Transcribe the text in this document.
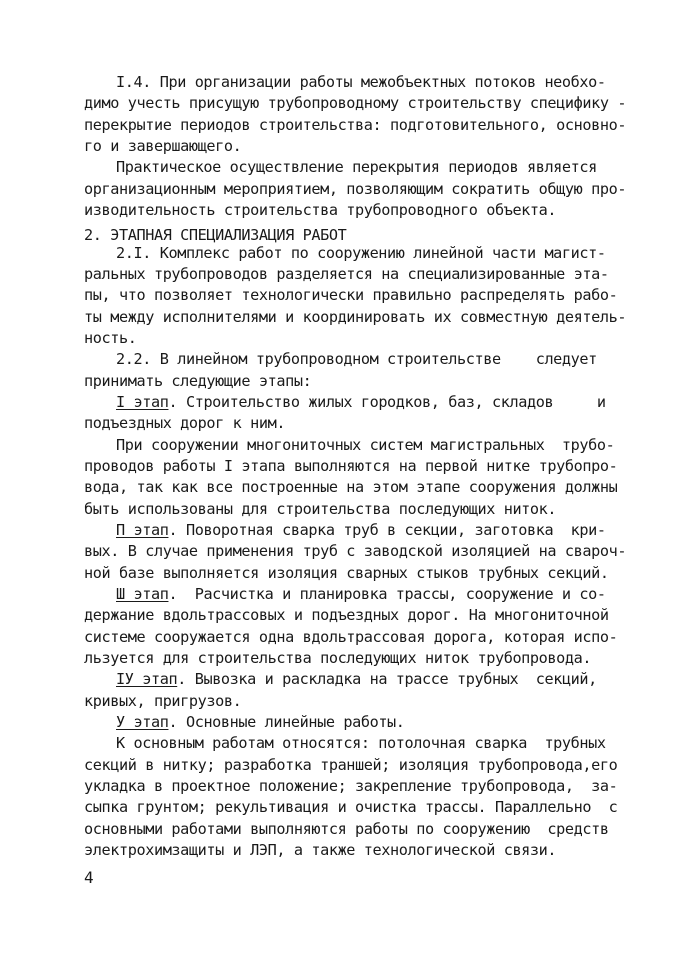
I.4. При организации работы межобъектных потоков необхо-
димо учесть присущую трубопроводному строительству специфику -
перекрытие периодов строительства: подготовительного, основно-
го и завершающего.
Практическое осуществление перекрытия периодов является
организационным мероприятием, позволяющим сократить общую про-
изводительность строительства трубопроводного объекта.
2. ЭТАПНАЯ СПЕЦИАЛИЗАЦИЯ РАБОТ
2.I. Комплекс работ по сооружению линейной части магист-
ральных трубопроводов разделяется на специализированные эта-
пы, что позволяет технологически правильно распределять рабо-
ты между исполнителями и координировать их совместную деятель-
ность.
2.2. В линейном трубопроводном строительстве    следует
принимать следующие этапы:
I этап. Строительство жилых городков, баз, складов     и
подъездных дорог к ним.
При сооружении многониточных систем магистральных  трубо-
проводов работы I этапа выполняются на первой нитке трубопро-
вода, так как все построенные на этом этапе сооружения должны
быть использованы для строительства последующих ниток.
П этап. Поворотная сварка труб в секции, заготовка  кри-
вых. В случае применения труб с заводской изоляцией на свароч-
ной базе выполняется изоляция сварных стыков трубных секций.
Ш этап.  Расчистка и планировка трассы, сооружение и со-
держание вдольтрассовых и подъездных дорог. На многониточной
системе сооружается одна вдольтрассовая дорога, которая испо-
льзуется для строительства последующих ниток трубопровода.
IУ этап. Вывозка и раскладка на трассе трубных  секций,
кривых, пригрузов.
У этап. Основные линейные работы.
К основным работам относятся: потолочная сварка  трубных
секций в нитку; разработка траншей; изоляция трубопровода,его
укладка в проектное положение; закрепление трубопровода,  за-
сыпка грунтом; рекультивация и очистка трассы. Параллельно  с
основными работами выполняются работы по сооружению  средств
электрохимзащиты и ЛЭП, а также технологической связи.
4
